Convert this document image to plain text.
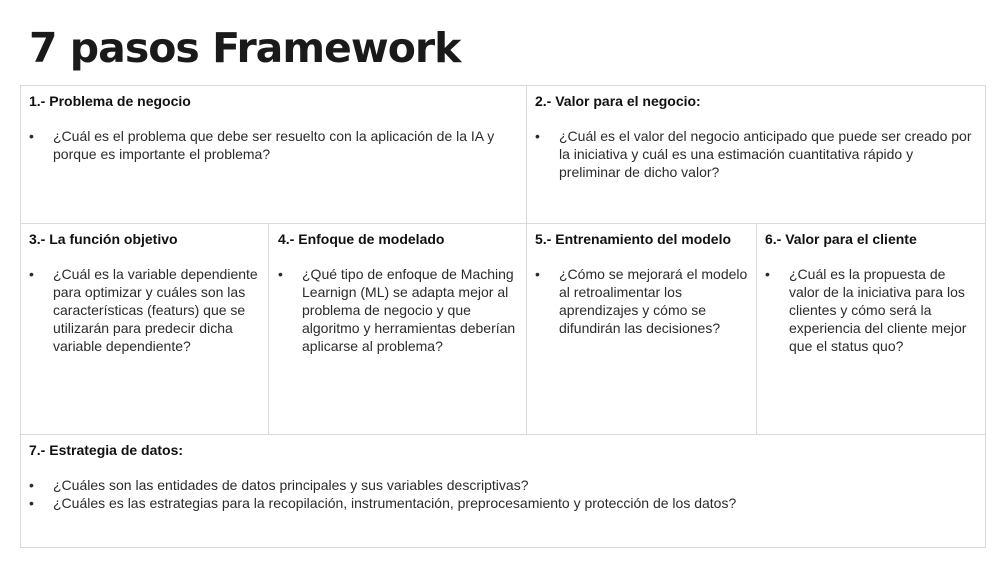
7 pasos Framework
1.- Problema de negocio
• ¿Cuál es el problema que debe ser resuelto con la aplicación de la IA y porque es importante el problema?
2.- Valor para el negocio:
• ¿Cuál es el valor del negocio anticipado que puede ser creado por la iniciativa y cuál es una estimación cuantitativa rápido y preliminar de dicho valor?
3.- La función objetivo
• ¿Cuál es la variable dependiente para optimizar y cuáles son las características (featurs) que se utilizarán para predecir dicha variable dependiente?
4.- Enfoque de modelado
• ¿Qué tipo de enfoque de Maching Learnign (ML) se adapta mejor al problema de negocio y que algoritmo y herramientas deberían aplicarse al problema?
5.- Entrenamiento del modelo
• ¿Cómo se mejorará el modelo al retroalimentar los aprendizajes y cómo se difundirán las decisiones?
6.- Valor para el cliente
• ¿Cuál es la propuesta de valor de la iniciativa para los clientes y cómo será la experiencia del cliente mejor que el status quo?
7.- Estrategia de datos:
• ¿Cuáles son las entidades de datos principales y sus variables descriptivas?
• ¿Cuáles es las estrategias para la recopilación, instrumentación, preprocesamiento y protección de los datos?
